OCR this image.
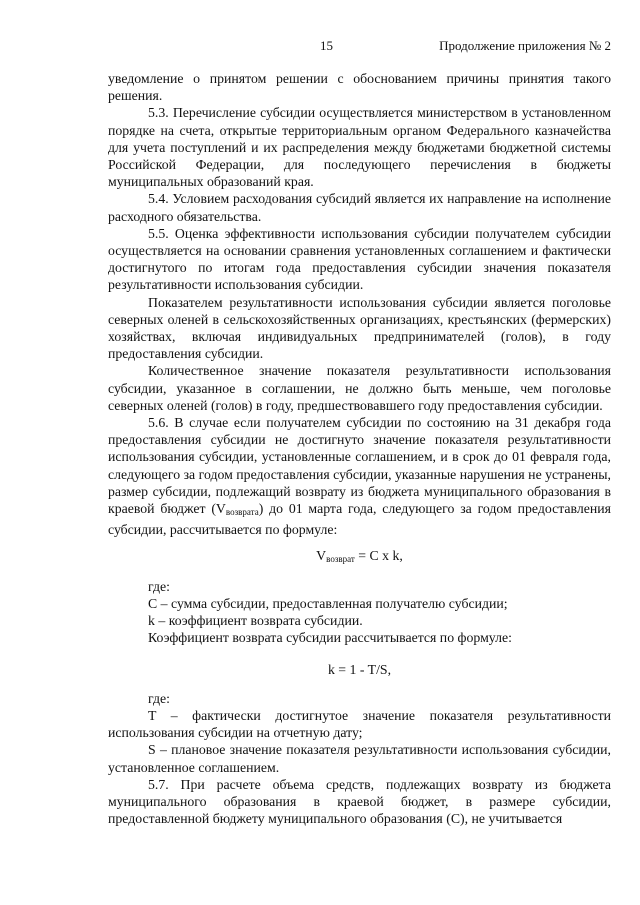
15	Продолжение приложения № 2

уведомление о принятом решении с обоснованием причины принятия такого решения.

5.3. Перечисление субсидии осуществляется министерством в установленном порядке на счета, открытые территориальным органом Федерального казначейства для учета поступлений и их распределения между бюджетами бюджетной системы Российской Федерации, для последующего перечисления в бюджеты муниципальных образований края.

5.4. Условием расходования субсидий является их направление на исполнение расходного обязательства.

5.5. Оценка эффективности использования субсидии получателем субсидии осуществляется на основании сравнения установленных соглашением и фактически достигнутого по итогам года предоставления субсидии значения показателя результативности использования субсидии.

Показателем результативности использования субсидии является поголовье северных оленей в сельскохозяйственных организациях, крестьянских (фермерских) хозяйствах, включая индивидуальных предпринимателей (голов), в году предоставления субсидии.

Количественное значение показателя результативности использования субсидии, указанное в соглашении, не должно быть меньше, чем поголовье северных оленей (голов) в году, предшествовавшего году предоставления субсидии.

5.6. В случае если получателем субсидии по состоянию на 31 декабря года предоставления субсидии не достигнуто значение показателя результативности использования субсидии, установленные соглашением, и в срок до 01 февраля года, следующего за годом предоставления субсидии, указанные нарушения не устранены, размер субсидии, подлежащий возврату из бюджета муниципального образования в краевой бюджет $(V_{возврата})$ до 01 марта года, следующего за годом предоставления субсидии, рассчитывается по формуле:

$V_{возврат} = C$ x k,

где:

C – сумма субсидии, предоставленная получателю субсидии;

k – коэффициент возврата субсидии.

Коэффициент возврата субсидии рассчитывается по формуле:

k = 1 - T/S,

где:

T – фактически достигнутое значение показателя результативности использования субсидии на отчетную дату;

S – плановое значение показателя результативности использования субсидии, установленное соглашением.

5.7. При расчете объема средств, подлежащих возврату из бюджета муниципального образования в краевой бюджет, в размере субсидии, предоставленной бюджету муниципального образования (C), не учитывается
